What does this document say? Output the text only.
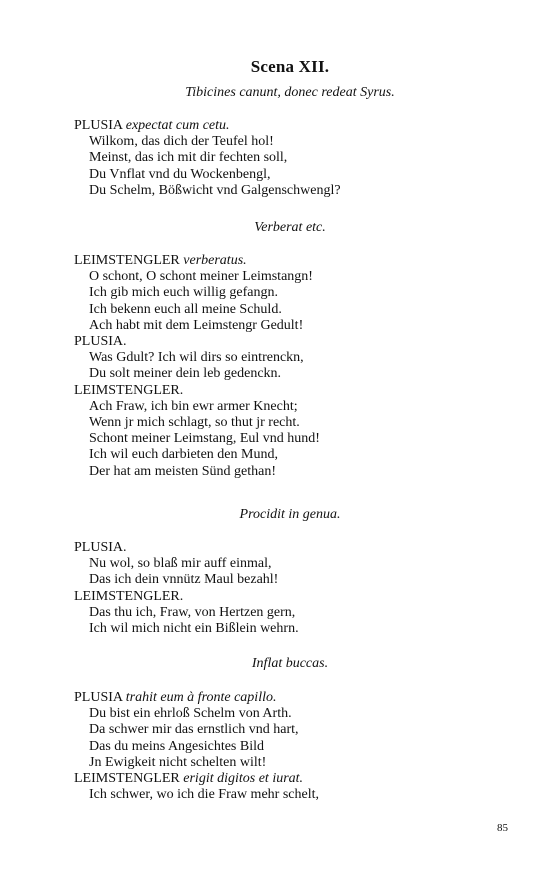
Scena XII.
Tibicines canunt, donec redeat Syrus.
PLUSIA expectat cum cetu.
Wilkom, das dich der Teufel hol!
Meinst, das ich mit dir fechten soll,
Du Vnflat vnd du Wockenbengl,
Du Schelm, Bößwicht vnd Galgenschwengl?
Verberat etc.
LEIMSTENGLER verberatus.
O schont, O schont meiner Leimstangn!
Ich gib mich euch willig gefangn.
Ich bekenn euch all meine Schuld.
Ach habt mit dem Leimstengr Gedult!
PLUSIA.
Was Gdult? Ich wil dirs so eintrenckn,
Du solt meiner dein leb gedenckn.
LEIMSTENGLER.
Ach Fraw, ich bin ewr armer Knecht;
Wenn jr mich schlagt, so thut jr recht.
Schont meiner Leimstang, Eul vnd hund!
Ich wil euch darbieten den Mund,
Der hat am meisten Sünd gethan!
Procidit in genua.
PLUSIA.
Nu wol, so blaß mir auff einmal,
Das ich dein vnnütz Maul bezahl!
LEIMSTENGLER.
Das thu ich, Fraw, von Hertzen gern,
Ich wil mich nicht ein Bißlein wehrn.
Inflat buccas.
PLUSIA trahit eum à fronte capillo.
Du bist ein ehrloß Schelm von Arth.
Da schwer mir das ernstlich vnd hart,
Das du meins Angesichtes Bild
Jn Ewigkeit nicht schelten wilt!
LEIMSTENGLER erigit digitos et iurat.
Ich schwer, wo ich die Fraw mehr schelt,
85
